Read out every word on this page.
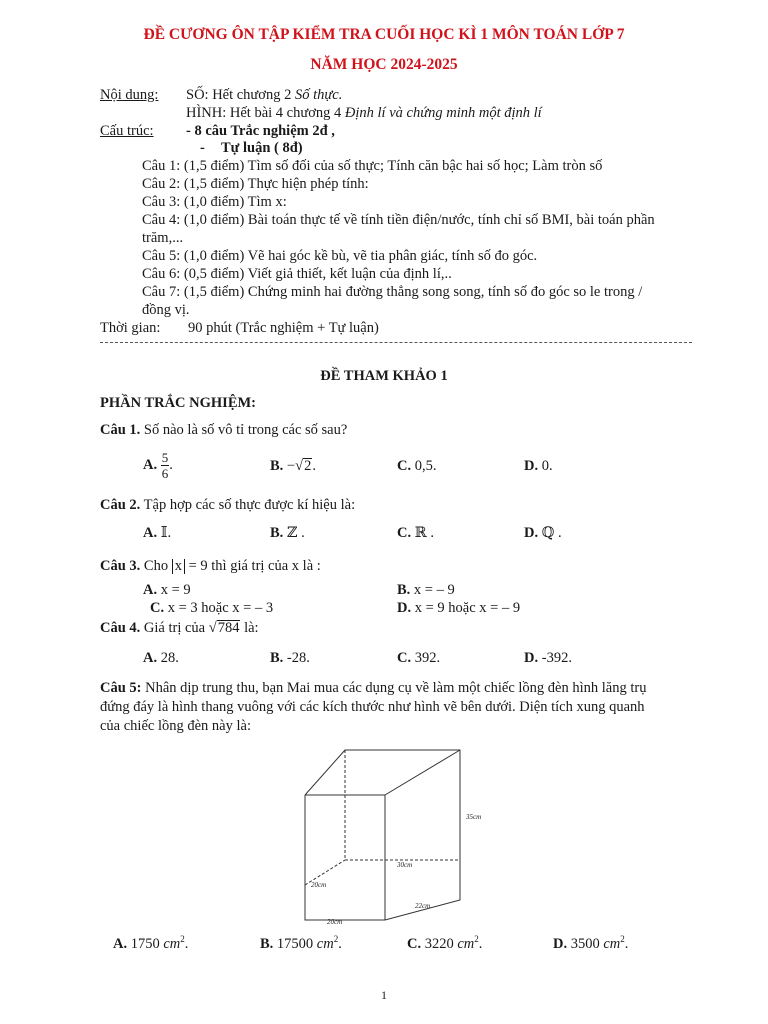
ĐỀ CƯƠNG ÔN TẬP KIỂM TRA CUỐI HỌC KÌ 1 MÔN TOÁN LỚP 7
NĂM HỌC 2024-2025
Nội dung: SỐ: Hết chương 2 Số thực.
HÌNH: Hết bài 4 chương 4 Định lí và chứng minh một định lí
Cấu trúc: - 8 câu Trắc nghiệm 2đ ,
- Tự luận ( 8đ)
Câu 1: (1,5 điểm) Tìm số đối của số thực; Tính căn bậc hai số học; Làm tròn số
Câu 2: (1,5 điểm) Thực hiện phép tính:
Câu 3: (1,0 điểm) Tìm x:
Câu 4: (1,0 điểm) Bài toán thực tế về tính tiền điện/nước, tính chỉ số BMI, bài toán phần
trăm,...
Câu 5: (1,0 điểm) Vẽ hai góc kề bù, vẽ tia phân giác, tính số đo góc.
Câu 6: (0,5 điểm) Viết giả thiết, kết luận của định lí,..
Câu 7: (1,5 điểm) Chứng minh hai đường thẳng song song, tính số đo góc so le trong /
đồng vị.
Thời gian: 90 phút (Trắc nghiệm + Tự luận)
ĐỀ THAM KHẢO 1
PHẦN TRẮC NGHIỆM:
Câu 1. Số nào là số vô tỉ trong các số sau?
A. $\frac{5}{6}$ .	B. −√2.	C. 0,5.	D. 0.
Câu 2. Tập hợp các số thực được kí hiệu là:
A. 𝕀.	B. ℤ .	C. ℝ .	D. ℚ .
Câu 3. Cho x = 9 thì giá trị của x là :
A. x = 9	B. x = – 9
C. x = 3 hoặc x = – 3	D. x = 9 hoặc x = – 9
Câu 4. Giá trị của √784 là:
A. 28.	B. -28.	C. 392.	D. -392.
Câu 5: Nhân dịp trung thu, bạn Mai mua các dụng cụ về làm một chiếc lồng đèn hình lăng trụ
đứng đáy là hình thang vuông với các kích thước như hình vẽ bên dưới. Diện tích xung quanh
của chiếc lồng đèn này là:
35cm
30cm
20cm
22cm
20cm
A. 1750 $cm^2$.	B. 17500 $cm^2$.	C. 3220 $cm^2$.	D. 3500 $cm^2$.
1
